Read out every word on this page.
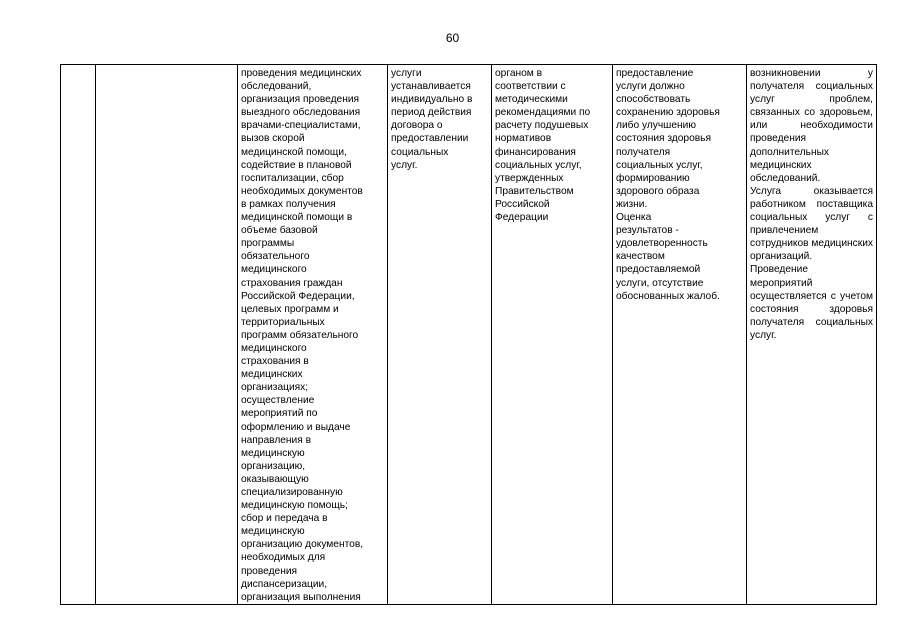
60

проведения медицинских
обследований,
организация проведения
выездного обследования
врачами-специалистами,
вызов скорой
медицинской помощи,
содействие в плановой
госпитализации, сбор
необходимых документов
в рамках получения
медицинской помощи в
объеме базовой
программы
обязательного
медицинского
страхования граждан
Российской Федерации,
целевых программ и
территориальных
программ обязательного
медицинского
страхования в
медицинских
организациях;
осуществление
мероприятий по
оформлению и выдаче
направления в
медицинскую
организацию,
оказывающую
специализированную
медицинскую помощь;
сбор и передача в
медицинскую
организацию документов,
необходимых для
проведения
диспансеризации,
организация выполнения

услуги
устанавливается
индивидуально в
период действия
договора о
предоставлении
социальных
услуг.

органом в
соответствии с
методическими
рекомендациями по
расчету подушевых
нормативов
финансирования
социальных услуг,
утвержденных
Правительством
Российской
Федерации

предоставление
услуги должно
способствовать
сохранению здоровья
либо улучшению
состояния здоровья
получателя
социальных услуг,
формированию
здорового образа
жизни.
Оценка
результатов -
удовлетворенность
качеством
предоставляемой
услуги, отсутствие
обоснованных жалоб.

возникновении у получателя социальных услуг проблем, связанных со здоровьем, или необходимости проведения дополнительных медицинских обследований.
Услуга оказывается работником поставщика социальных услуг с привлечением сотрудников медицинских организаций.
Проведение мероприятий осуществляется с учетом состояния здоровья получателя социальных услуг.
